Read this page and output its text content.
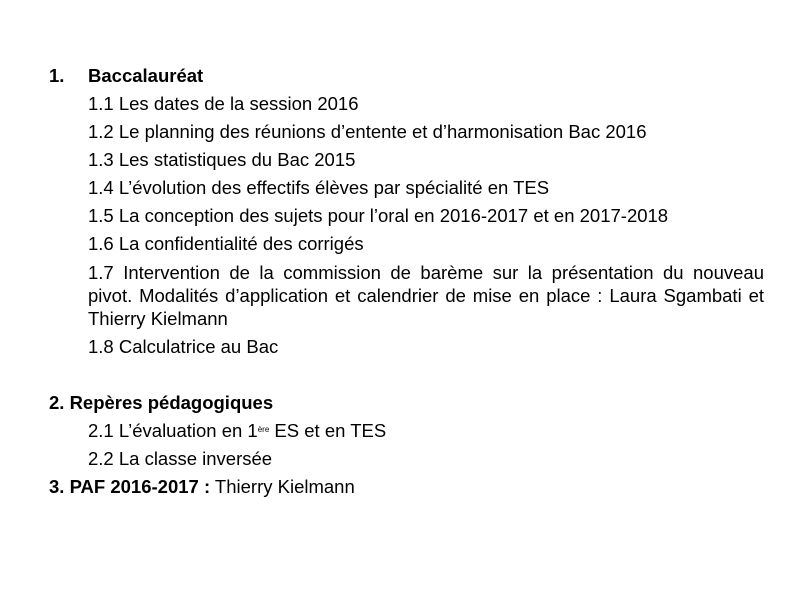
1. Baccalauréat
1.1 Les dates de la session 2016
1.2 Le planning des réunions d’entente et d’harmonisation Bac 2016
1.3 Les statistiques du Bac 2015
1.4 L’évolution des effectifs élèves par spécialité en TES
1.5 La conception des sujets pour l’oral en 2016-2017 et en 2017-2018
1.6 La confidentialité des corrigés
1.7 Intervention de la commission de barème sur la présentation du nouveau pivot. Modalités d’application et calendrier de mise en place : Laura Sgambati et Thierry Kielmann
1.8 Calculatrice au Bac
2. Repères pédagogiques
2.1 L’évaluation en 1ère ES et en TES
2.2 La classe inversée
3. PAF 2016-2017 : Thierry Kielmann
